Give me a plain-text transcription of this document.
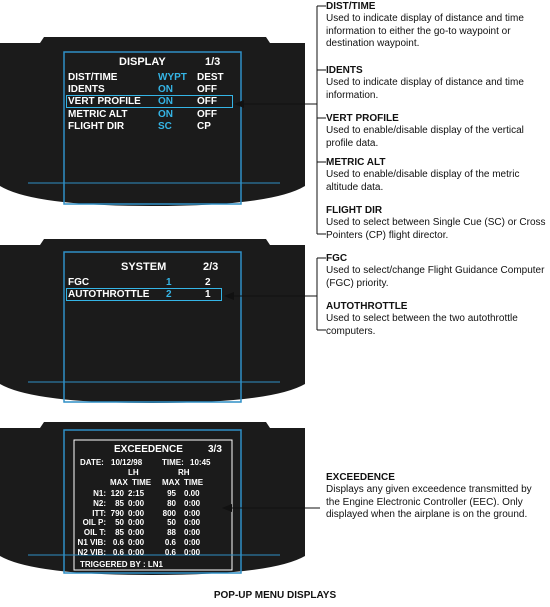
DISPLAY	1/3
DIST/TIME	WYPT DEST
IDENTS	ON OFF
VERT PROFILE ON OFF
METRIC ALT	ON OFF
FLIGHT DIR	SC	CP
SYSTEM	2/3
FGC	1	2
AUTOTHROTTLE 2	1
EXCEEDENCE	3/3
DATE: 10/12/98 TIME: 10:45
LH	RH
MAX TIME MAX TIME
N1: 120 2:15	95 0.00
N2:	85 0:00	80 0:00
ITT: 790 0:00	800 0:00
OIL P:	50 0:00	50 0:00
OIL T:	85 0:00	88 0:00
N1 VIB: 0.6 0:00	0.6 0:00
N2 VIB: 0.6 0:00	0.6 0:00
TRIGGERED BY : LN1
DIST/TIME
Used to indicate display of distance and time information to either the go-to waypoint or destination waypoint.
IDENTS
Used to indicate display of distance and time information.
VERT PROFILE
Used to enable/disable display of the vertical profile data.
METRIC ALT
Used to enable/disable display of the metric altitude data.
FLIGHT DIR
Used to select between Single Cue (SC) or Cross Pointers (CP) flight director.
FGC
Used to select/change Flight Guidance Computer (FGC) priority.
AUTOTHROTTLE
Used to select between the two autothrottle computers.
EXCEEDENCE
Displays any given exceedence transmitted by the Engine Electronic Controller (EEC). Only displayed when the airplane is on the ground.
POP-UP MENU DISPLAYS
